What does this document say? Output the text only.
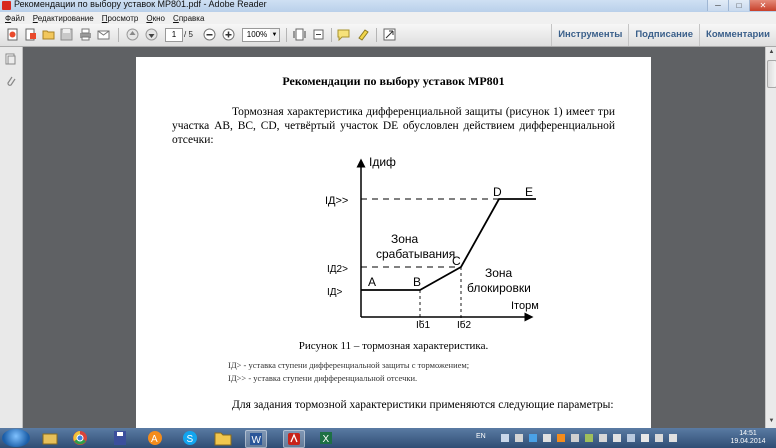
Рекомендации по выбору уставок МР801.pdf - Adobe Reader	─	□	✕
Файл Редактирование Просмотр Окно Справка
1 / 5	100% ▼	Инструменты	Подписание	Комментарии
Рекомендации по выбору уставок МР801
Тормозная характеристика дифференциальной защиты (рисунок 1) имеет три участка АВ, ВС, CD, четвёртый участок DE обусловлен действием дифференциальной отсечки:
Iдиф
Iторм
IД>>
IД2>
IД>
A	B
C
D E
Зона
срабатывания
Зона
блокировки
Iб1	Iб2
Рисунок 11 – тормозная характеристика.
IД> - уставка ступени дифференциальной защиты с торможением;
IД>> - уставка ступени дифференциальной отсечки.
Для задания тормозной характеристики применяются следующие параметры:
▲
▼
A	S	W	X	EN	14:51
19.04.2014
